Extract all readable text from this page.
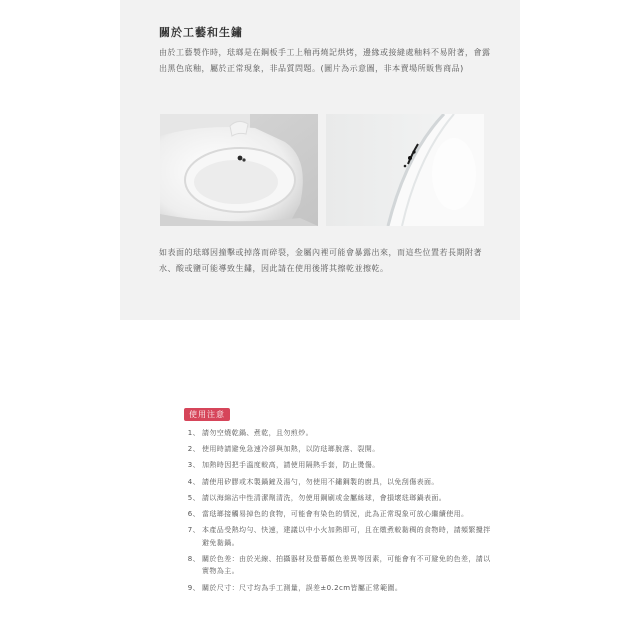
關於工藝和生鏽

由於工藝製作時，琺瑯是在鋼板手工上釉再燒記烘烤，邊緣或接縫處釉料不易附著，會露出黑色底釉，屬於正常現象，非品質問題。(圖片為示意圖，非本賣場所販售商品)

如表面的琺瑯因撞擊或掉落而碎裂，金屬內裡可能會暴露出來，而這些位置若長期附著水、酸或鹽可能導致生鏽，因此請在使用後將其擦乾並擦乾。

使用注意
1、 請勿空燒乾鍋、煮乾，且勿煎炒。
2、 使用時請避免急速冷卻與加熱，以防琺瑯脫落、裂開。
3、 加熱時因把手溫度較高，請使用隔熱手套，防止燙傷。
4、 請使用矽膠或木製鍋鏟及湯勺，勿使用不鏽鋼製的廚具，以免刮傷表面。
5、 請以海綿沾中性清潔劑清洗，勿使用鋼刷或金屬絲球，會損壞琺瑯鍋表面。
6、 當琺瑯接觸易掉色的食物，可能會有染色的情況，此為正常現象可放心繼續使用。
7、 本產品受熱均勻、快速，建議以中小火加熱即可，且在燉煮較黏稠的食物時，請頻繁攪拌避免黏鍋。
8、 關於色差：由於光線、拍攝器材及螢幕顏色差異等因素，可能會有不可避免的色差，請以實物為主。
9、 關於尺寸：尺寸均為手工測量，誤差±0.2cm皆屬正常範圍。
